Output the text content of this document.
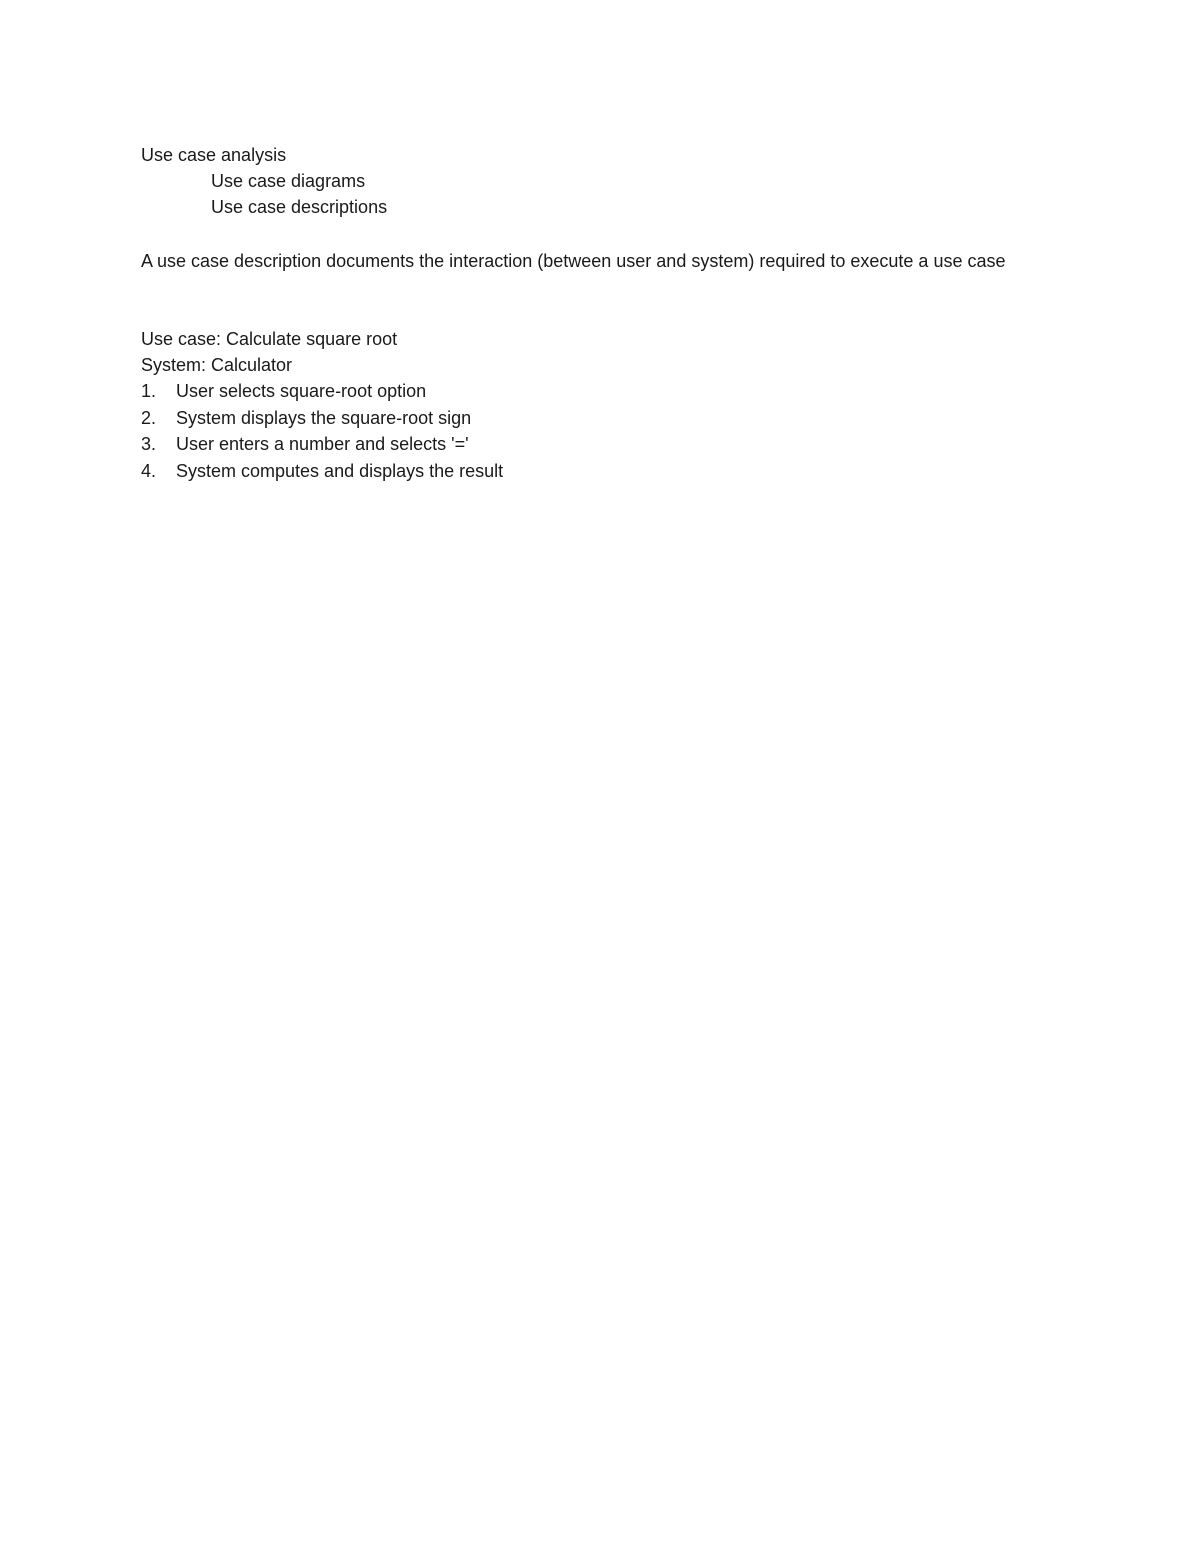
Use case analysis
Use case diagrams
Use case descriptions
A use case description documents the interaction (between user and system) required to execute a use case
Use case: Calculate square root
System: Calculator
1.	User selects square-root option
2.	System displays the square-root sign
3.	User enters a number and selects '='
4.	System computes and displays the result
